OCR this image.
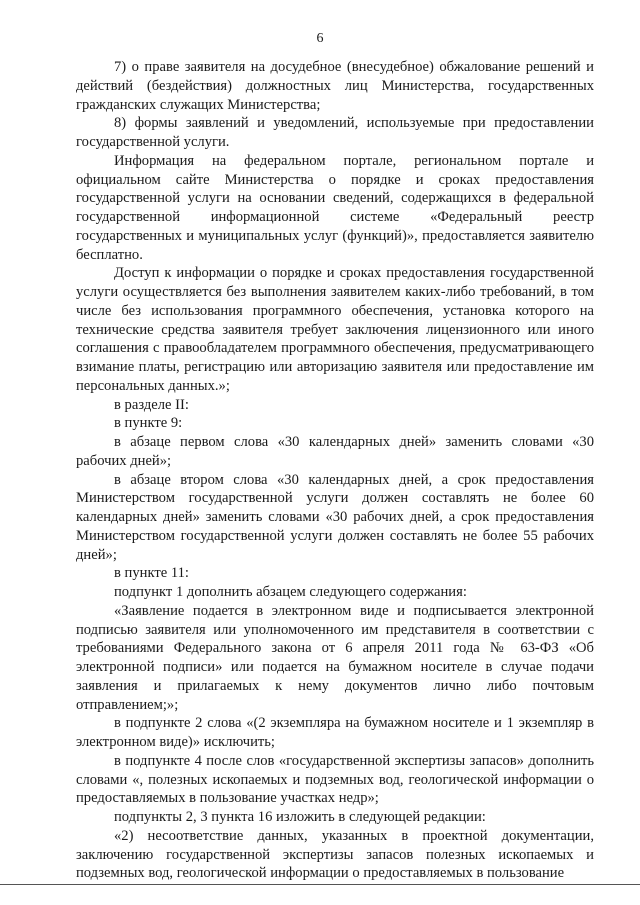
6

7) о праве заявителя на досудебное (внесудебное) обжалование решений и действий (бездействия) должностных лиц Министерства, государственных гражданских служащих Министерства;

8) формы заявлений и уведомлений, используемые при предоставлении государственной услуги.

Информация на федеральном портале, региональном портале и официальном сайте Министерства о порядке и сроках предоставления государственной услуги на основании сведений, содержащихся в федеральной государственной информационной системе «Федеральный реестр государственных и муниципальных услуг (функций)», предоставляется заявителю бесплатно.

Доступ к информации о порядке и сроках предоставления государственной услуги осуществляется без выполнения заявителем каких-либо требований, в том числе без использования программного обеспечения, установка которого на технические средства заявителя требует заключения лицензионного или иного соглашения с правообладателем программного обеспечения, предусматривающего взимание платы, регистрацию или авторизацию заявителя или предоставление им персональных данных.»;

в разделе II:

в пункте 9:

в абзаце первом слова «30 календарных дней» заменить словами «30 рабочих дней»;

в абзаце втором слова «30 календарных дней, а срок предоставления Министерством государственной услуги должен составлять не более 60 календарных дней» заменить словами «30 рабочих дней, а срок предоставления Министерством государственной услуги должен составлять не более 55 рабочих дней»;

в пункте 11:

подпункт 1 дополнить абзацем следующего содержания:

«Заявление подается в электронном виде и подписывается электронной подписью заявителя или уполномоченного им представителя в соответствии с требованиями Федерального закона от 6 апреля 2011 года № 63-ФЗ «Об электронной подписи» или подается на бумажном носителе в случае подачи заявления и прилагаемых к нему документов лично либо почтовым отправлением;»;

в подпункте 2 слова «(2 экземпляра на бумажном носителе и 1 экземпляр в электронном виде)» исключить;

в подпункте 4 после слов «государственной экспертизы запасов» дополнить словами «, полезных ископаемых и подземных вод, геологической информации о предоставляемых в пользование участках недр»;

подпункты 2, 3 пункта 16 изложить в следующей редакции:

«2) несоответствие данных, указанных в проектной документации, заключению государственной экспертизы запасов полезных ископаемых и подземных вод, геологической информации о предоставляемых в пользование
